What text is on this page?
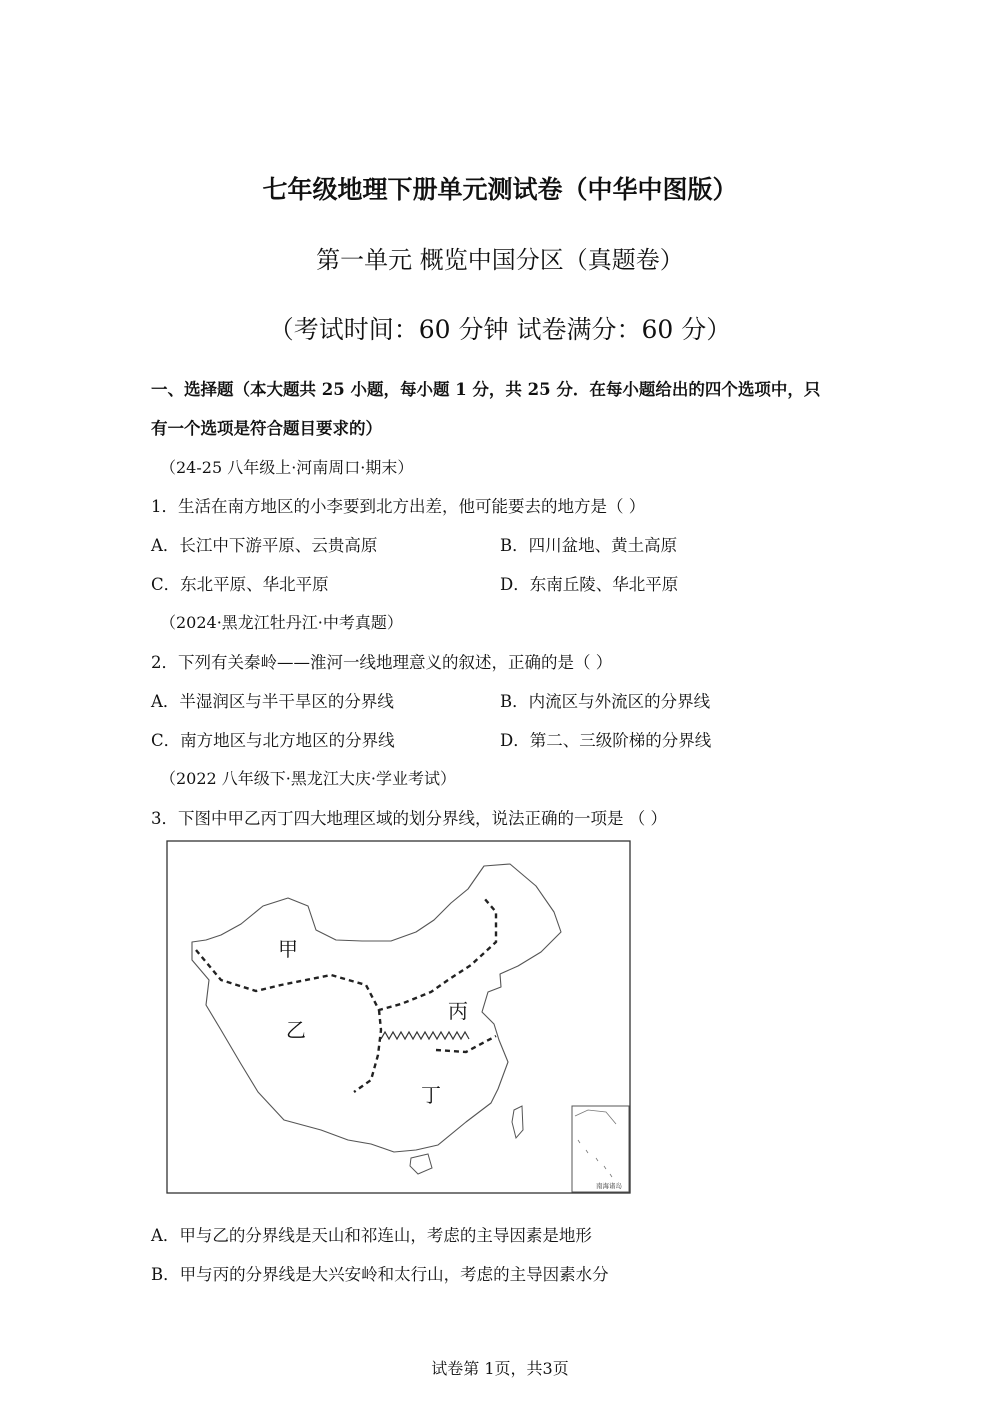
七年级地理下册单元测试卷（中华中图版）
第一单元 概览中国分区（真题卷）
（考试时间：60 分钟 试卷满分：60 分）
一、选择题（本大题共 25 小题，每小题 1 分，共 25 分．在每小题给出的四个选项中，只
有一个选项是符合题目要求的）
（24-25 八年级上·河南周口·期末）
1．生活在南方地区的小李要到北方出差，他可能要去的地方是（ ）
A．长江中下游平原、云贵高原	B．四川盆地、黄土高原
C．东北平原、华北平原	D．东南丘陵、华北平原
（2024·黑龙江牡丹江·中考真题）
2．下列有关秦岭——淮河一线地理意义的叙述，正确的是（ ）
A．半湿润区与半干旱区的分界线	B．内流区与外流区的分界线
C．南方地区与北方地区的分界线	D．第二、三级阶梯的分界线
（2022 八年级下·黑龙江大庆·学业考试）
3．下图中甲乙丙丁四大地理区域的划分界线，说法正确的一项是 （ ）
甲
乙
丙
丁
南海诸岛
A．甲与乙的分界线是天山和祁连山，考虑的主导因素是地形
B．甲与丙的分界线是大兴安岭和太行山，考虑的主导因素水分
试卷第 1页，共3页
